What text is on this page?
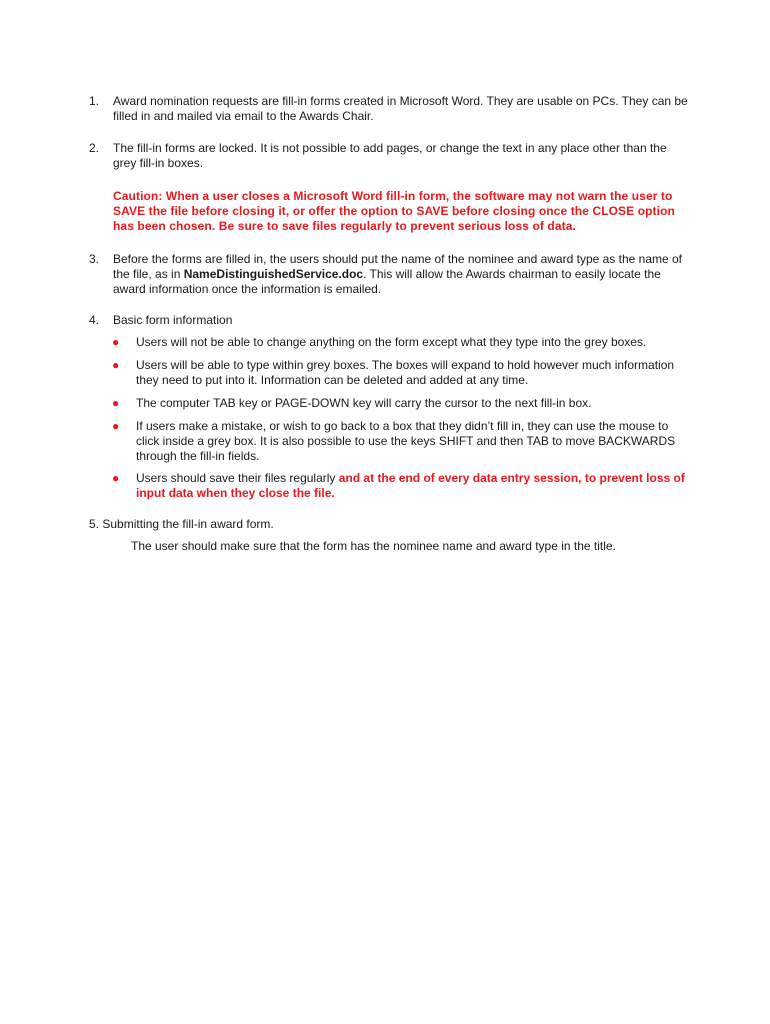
1. Award nomination requests are fill-in forms created in Microsoft Word. They are usable on PCs. They can be filled in and mailed via email to the Awards Chair.
2. The fill-in forms are locked. It is not possible to add pages, or change the text in any place other than the grey fill-in boxes.
Caution: When a user closes a Microsoft Word fill-in form, the software may not warn the user to SAVE the file before closing it, or offer the option to SAVE before closing once the CLOSE option has been chosen. Be sure to save files regularly to prevent serious loss of data.
3. Before the forms are filled in, the users should put the name of the nominee and award type as the name of the file, as in NameDistinguishedService.doc. This will allow the Awards chairman to easily locate the award information once the information is emailed.
4. Basic form information
● Users will not be able to change anything on the form except what they type into the grey boxes.
● Users will be able to type within grey boxes. The boxes will expand to hold however much information they need to put into it. Information can be deleted and added at any time.
● The computer TAB key or PAGE-DOWN key will carry the cursor to the next fill-in box.
● If users make a mistake, or wish to go back to a box that they didn’t fill in, they can use the mouse to click inside a grey box. It is also possible to use the keys SHIFT and then TAB to move BACKWARDS through the fill-in fields.
● Users should save their files regularly and at the end of every data entry session, to prevent loss of input data when they close the file.
5. Submitting the fill-in award form.
The user should make sure that the form has the nominee name and award type in the title.
